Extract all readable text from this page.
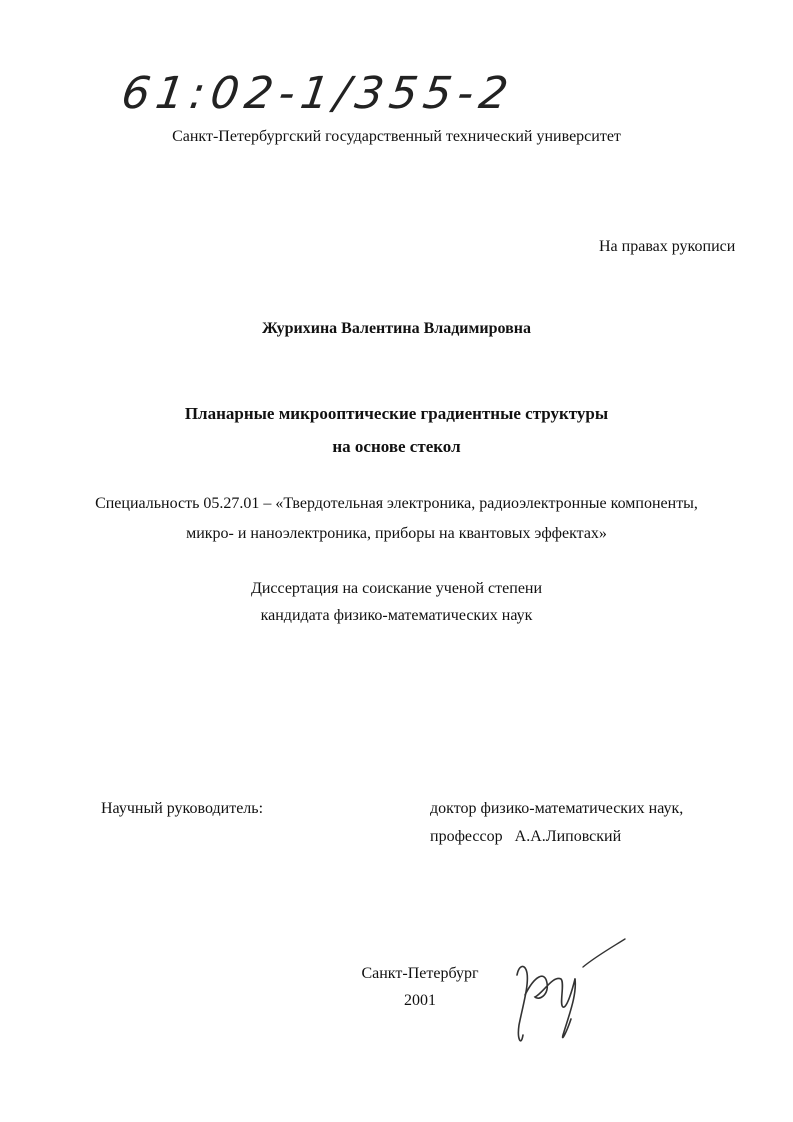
61:02-1/355-2
Санкт-Петербургский государственный технический университет
На правах рукописи
Журихина Валентина Владимировна
Планарные микрооптические градиентные структуры
на основе стекол
Специальность 05.27.01 – «Твердотельная электроника, радиоэлектронные компоненты,
микро- и наноэлектроника, приборы на квантовых эффектах»
Диссертация на соискание ученой степени
кандидата физико-математических наук
Научный руководитель:	доктор физико-математических наук,
профессор   А.А.Липовский
Санкт-Петербург
2001
